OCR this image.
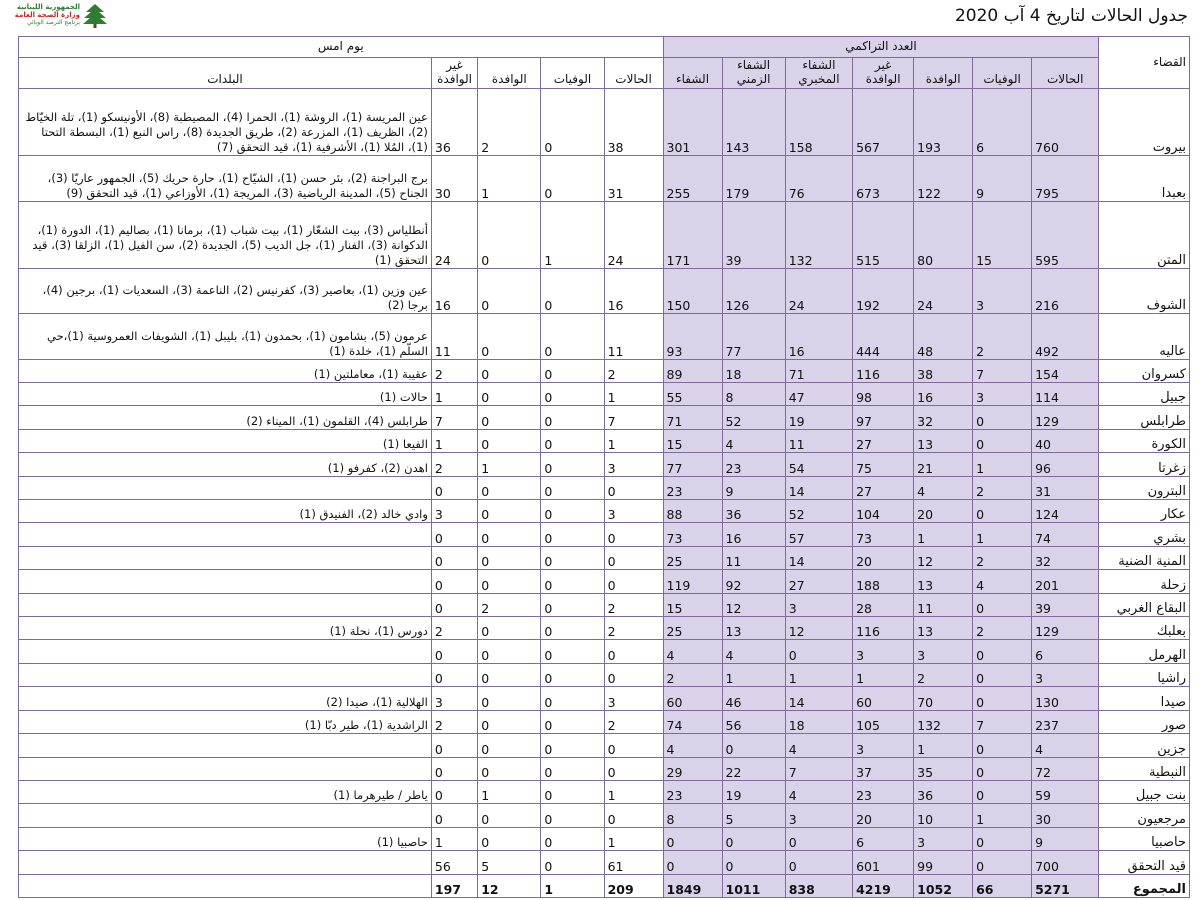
جدول الحالات لتاريخ 4 آب 2020
الجمهورية اللبنانية
وزارة الصحة العامة
برنامج الترصد الوبائي
القضاء	العدد التراكمي							يوم امس				
	الحالات	الوفيات	الوافدة	غير الوافدة	الشفاء المخبري	الشفاء الزمني	الشفاء	الحالات	الوفيات	الوافدة	غير الوافدة	البلدات
بيروت	760	6	193	567	158	143	301	38	0	2	36	عين المريسة (1)، الروشة (1)، الحمرا (4)، المصيطبة (8)، الأونيسكو (1)، تلة الخيّاط (2)، الظريف (1)، المزرعة (2)، طريق الجديدة (8)، راس النبع (1)، البسطة التحتا (1)، المُلا (1)، الأشرفية (1)، قيد التحقق (7)
بعبدا	795	9	122	673	76	179	255	31	0	1	30	برج البراجنة (2)، بئر حسن (1)، الشيّاح (1)، حارة حريك (5)، الجمهور عاريّا (3)، الجناح (5)، المدينة الرياضية (3)، المريجة (1)، الأوزاعي (1)، قيد التحقق (9)
المتن	595	15	80	515	132	39	171	24	1	0	24	أنطلياس (3)، بيت الشعّار (1)، بيت شباب (1)، برمانا (1)، بصاليم (1)، الدورة (1)، الدكوانة (3)، الفنار (1)، جل الديب (5)، الجديدة (2)، سن الفيل (1)، الزلقا (3)، قيد التحقق (1)
الشوف	216	3	24	192	24	126	150	16	0	0	16	عين وزين (1)، بعاصير (3)، كفرنيس (2)، الناعمة (3)، السعديات (1)، برجين (4)، برجا (2)
عاليه	492	2	48	444	16	77	93	11	0	0	11	عرمون (5)، بشامون (1)، بحمدون (1)، بليبل (1)، الشويفات العمروسية (1)،حي السلّم (1)، خلدة (1)
كسروان	154	7	38	116	71	18	89	2	0	0	2	عقيبة (1)، معاملتين (1)
جبيل	114	3	16	98	47	8	55	1	0	0	1	حالات (1)
طرابلس	129	0	32	97	19	52	71	7	0	0	7	طرابلس (4)، القلمون (1)، الميناء (2)
الكورة	40	0	13	27	11	4	15	1	0	0	1	الفيعا (1)
زغرتا	96	1	21	75	54	23	77	3	0	1	2	اهدن (2)، كفرفو (1)
البترون	31	2	4	27	14	9	23	0	0	0	0	
عكار	124	0	20	104	52	36	88	3	0	0	3	وادي خالد (2)، الفنيدق (1)
بشري	74	1	1	73	57	16	73	0	0	0	0	
المنية الضنية	32	2	12	20	14	11	25	0	0	0	0	
زحلة	201	4	13	188	27	92	119	0	0	0	0	
البقاع الغربي	39	0	11	28	3	12	15	2	0	2	0	
بعلبك	129	2	13	116	12	13	25	2	0	0	2	دورس (1)، نحلة (1)
الهرمل	6	0	3	3	0	4	4	0	0	0	0	
راشيا	3	0	2	1	1	1	2	0	0	0	0	
صيدا	130	0	70	60	14	46	60	3	0	0	3	الهلالية (1)، صيدا (2)
صور	237	7	132	105	18	56	74	2	0	0	2	الراشدية (1)، طير دبّا (1)
جزين	4	0	1	3	4	0	4	0	0	0	0	
النبطية	72	0	35	37	7	22	29	0	0	0	0	
بنت جبيل	59	0	36	23	4	19	23	1	0	1	0	ياطر / طيرهرما (1)
مرجعيون	30	1	10	20	3	5	8	0	0	0	0	
حاصبيا	9	0	3	6	0	0	0	1	0	0	1	حاصبيا (1)
قيد التحقق	700	0	99	601	0	0	0	61	0	5	56	
المجموع	5271	66	1052	4219	838	1011	1849	209	1	12	197	
